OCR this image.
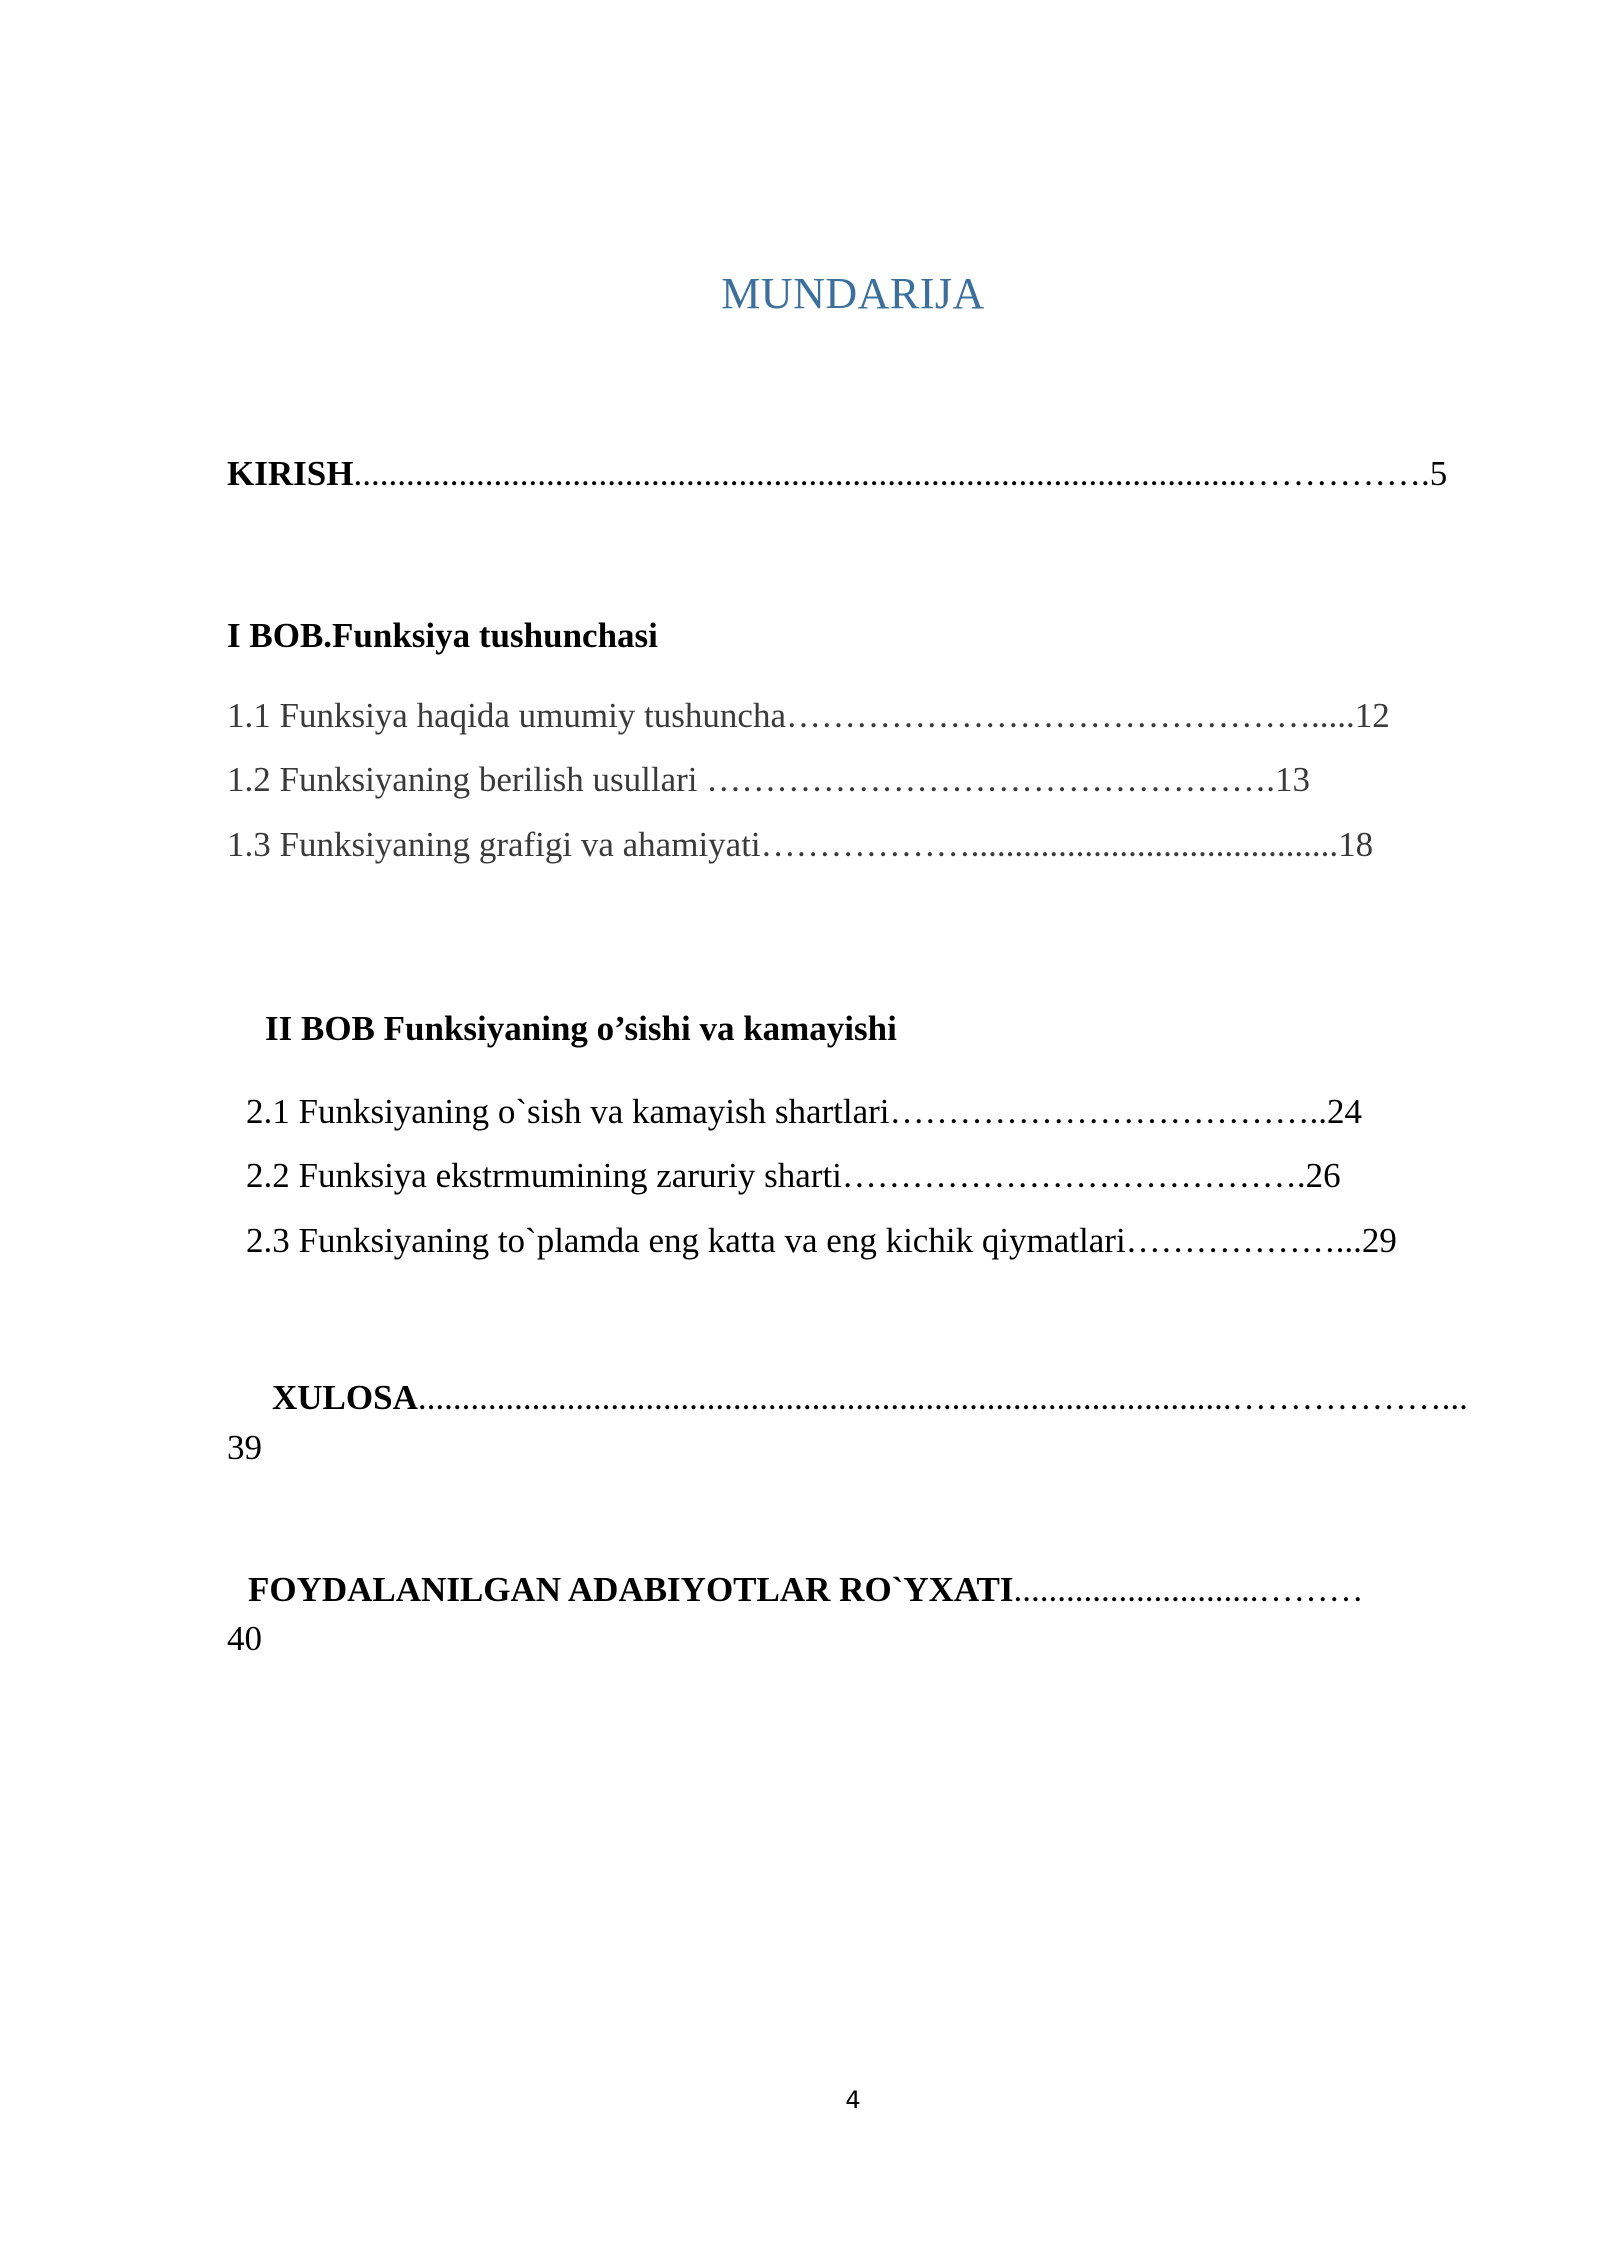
MUNDARIJA
KIRISH......................................................................................................…………….5
I BOB.Funksiya tushunchasi
1.1 Funksiya haqida umumiy tushuncha……………………………………….....12
1.2 Funksiyaning berilish usullari ………………………………………….13
1.3 Funksiyaning grafigi va ahamiyati………………..........................................18
II BOB Funksiyaning o’sishi va kamayishi
2.1 Funksiyaning o`sish va kamayish shartlari………………………………..24
2.2 Funksiya ekstrmumining zaruriy sharti………………………………….26
2.3 Funksiyaning to`plamda eng katta va eng kichik qiymatlari………………...29
XULOSA.............................................................................................………………...
39
FOYDALANILGAN ADABIYOTLAR RO`YXATI............................………
40
4
